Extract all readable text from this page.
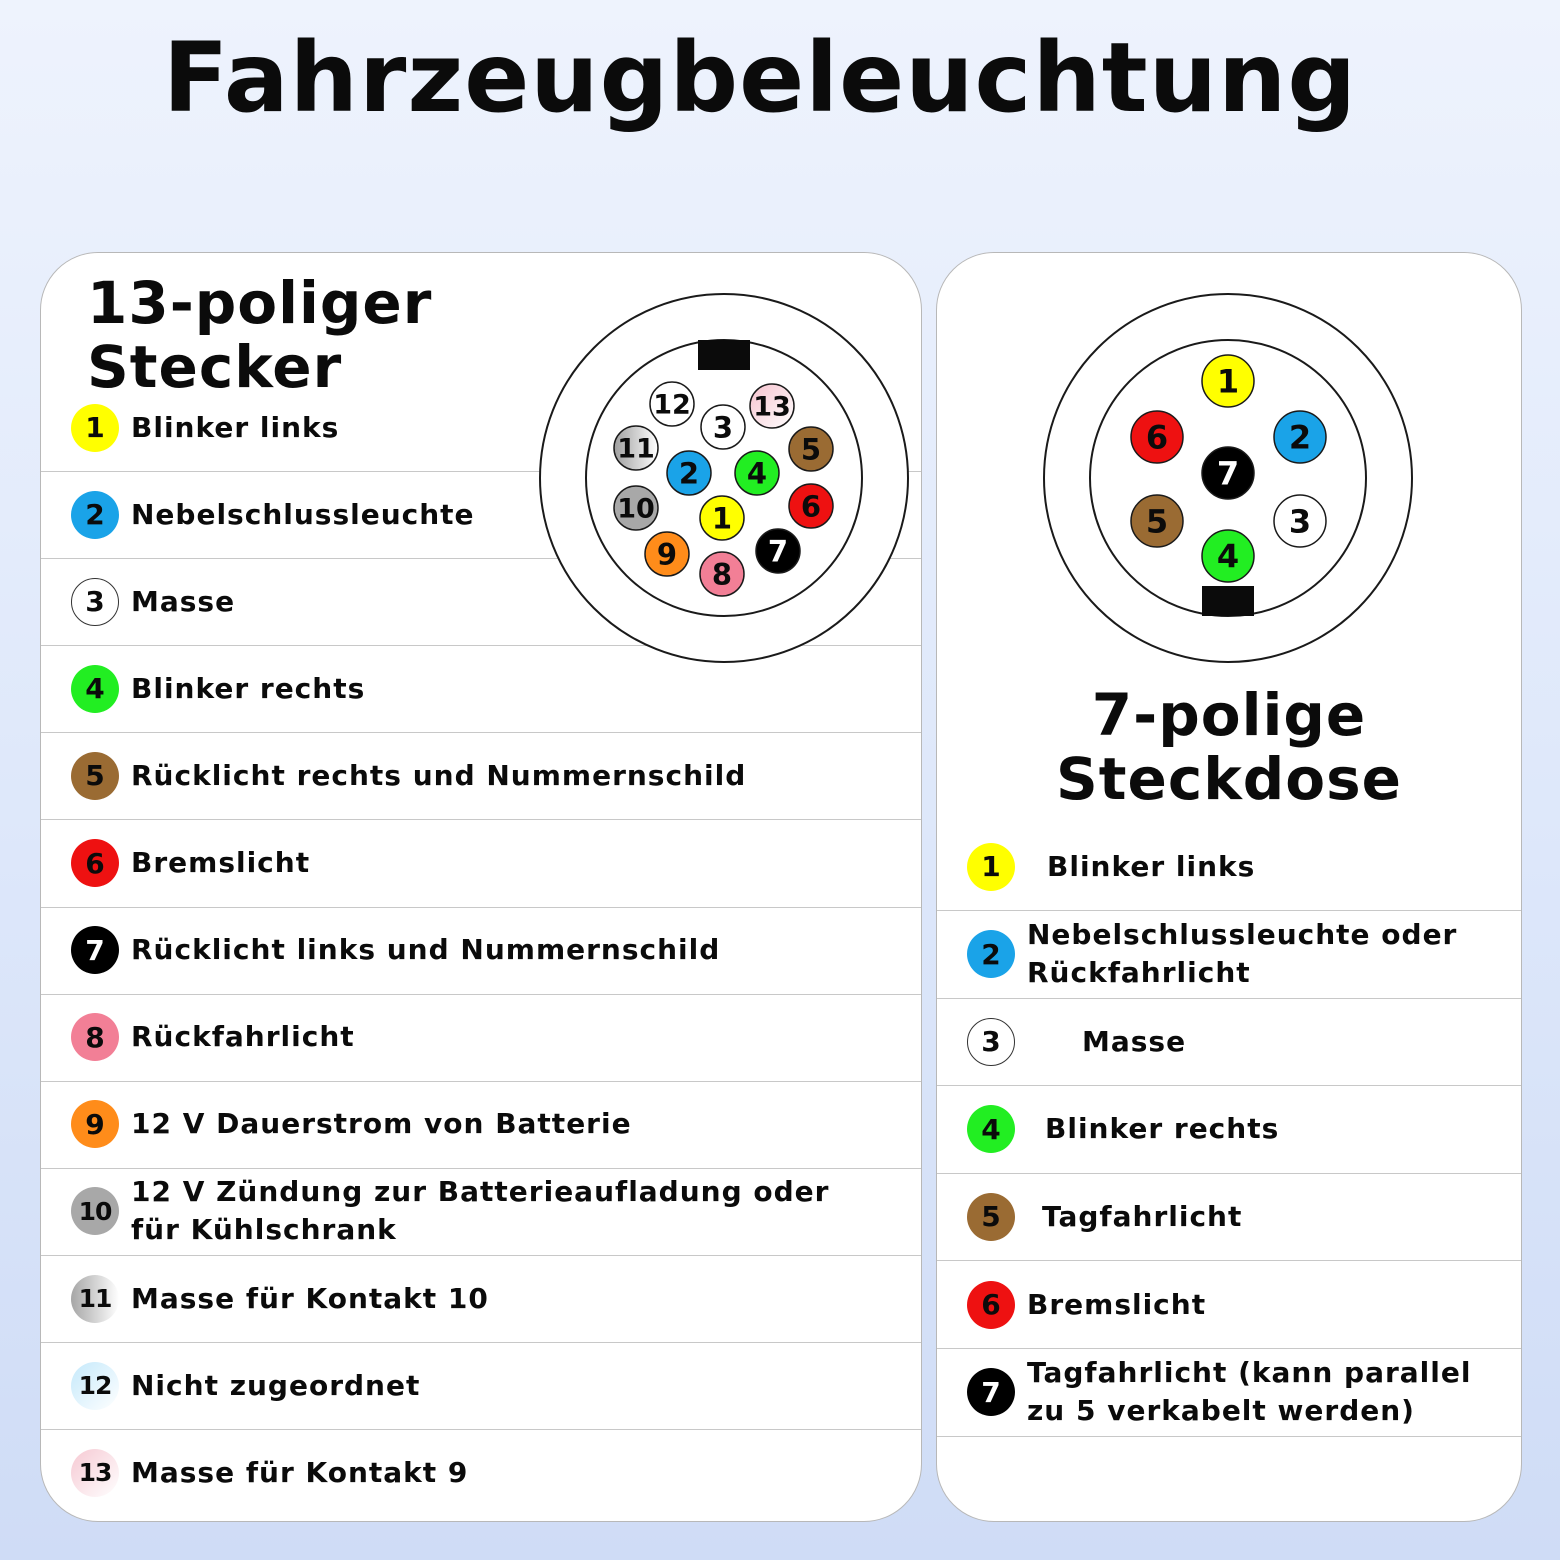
Fahrzeugbeleuchtung
13-poliger
Stecker
1 Blinker links
2 Nebelschlussleuchte
3 Masse
4 Blinker rechts
5 Rücklicht rechts und Nummernschild
6 Bremslicht
7 Rücklicht links und Nummernschild
8 Rückfahrlicht
9 12 V Dauerstrom von Batterie
10
12 V Zündung zur Batterieaufladung oder
für Kühlschrank
11 Masse für Kontakt 10
12 Nicht zugeordnet
13 Masse für Kontakt 9
7-polige
Steckdose
1	Blinker links
2
Nebelschlussleuchte oder
Rückfahrlicht
3	Masse
4	Blinker rechts
5	Tagfahrlicht
6 Bremslicht
7
Tagfahrlicht (kann parallel
zu 5 verkabelt werden)
12 13
3
11	5
2 4
10	6
1
9	7
8
1
6	2
7
5	3
4
